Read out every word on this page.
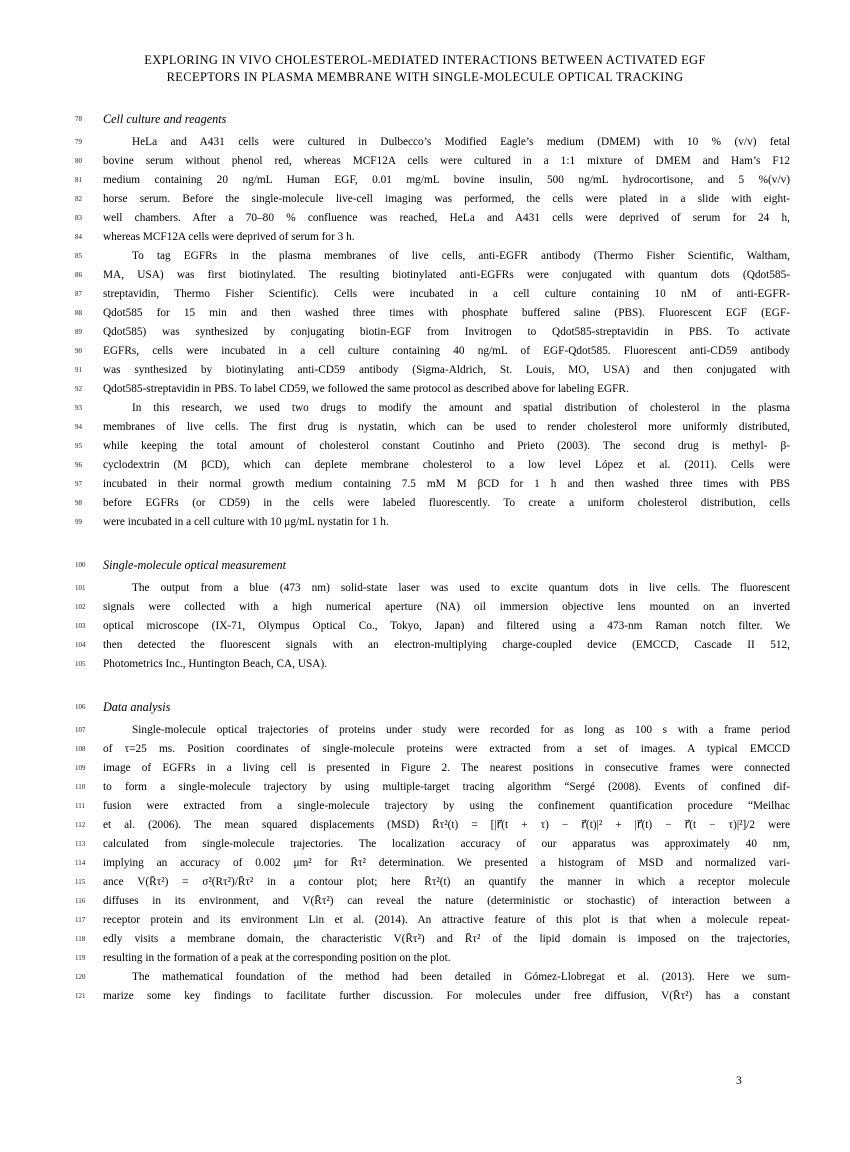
EXPLORING IN VIVO CHOLESTEROL-MEDIATED INTERACTIONS BETWEEN ACTIVATED EGF
RECEPTORS IN PLASMA MEMBRANE WITH SINGLE-MOLECULE OPTICAL TRACKING
78	Cell culture and reagents
79	HeLa and A431 cells were cultured in Dulbecco’s Modified Eagle’s medium (DMEM) with 10 % (v/v) fetal
80	bovine serum without phenol red, whereas MCF12A cells were cultured in a 1:1 mixture of DMEM and Ham’s F12
81	medium containing 20 ng/mL Human EGF, 0.01 mg/mL bovine insulin, 500 ng/mL hydrocortisone, and 5 %(v/v)
82	horse serum. Before the single-molecule live-cell imaging was performed, the cells were plated in a slide with eight-
83	well chambers. After a 70–80 % confluence was reached, HeLa and A431 cells were deprived of serum for 24 h,
84	whereas MCF12A cells were deprived of serum for 3 h.
85	To tag EGFRs in the plasma membranes of live cells, anti-EGFR antibody (Thermo Fisher Scientific, Waltham,
86	MA, USA) was first biotinylated. The resulting biotinylated anti-EGFRs were conjugated with quantum dots (Qdot585-
87	streptavidin, Thermo Fisher Scientific). Cells were incubated in a cell culture containing 10 nM of anti-EGFR-
88	Qdot585 for 15 min and then washed three times with phosphate buffered saline (PBS). Fluorescent EGF (EGF-
89	Qdot585) was synthesized by conjugating biotin-EGF from Invitrogen to Qdot585-streptavidin in PBS. To activate
90	EGFRs, cells were incubated in a cell culture containing 40 ng/mL of EGF-Qdot585. Fluorescent anti-CD59 antibody
91	was synthesized by biotinylating anti-CD59 antibody (Sigma-Aldrich, St. Louis, MO, USA) and then conjugated with
92	Qdot585-streptavidin in PBS. To label CD59, we followed the same protocol as described above for labeling EGFR.
93	In this research, we used two drugs to modify the amount and spatial distribution of cholesterol in the plasma
94	membranes of live cells. The first drug is nystatin, which can be used to render cholesterol more uniformly distributed,
95	while keeping the total amount of cholesterol constant Coutinho and Prieto (2003). The second drug is methyl- β-
96	cyclodextrin (M βCD), which can deplete membrane cholesterol to a low level López et al. (2011). Cells were
97	incubated in their normal growth medium containing 7.5 mM M βCD for 1 h and then washed three times with PBS
98	before EGFRs (or CD59) in the cells were labeled fluorescently. To create a uniform cholesterol distribution, cells
99	were incubated in a cell culture with 10 μg/mL nystatin for 1 h.
100	Single-molecule optical measurement
101	The output from a blue (473 nm) solid-state laser was used to excite quantum dots in live cells. The fluorescent
102	signals were collected with a high numerical aperture (NA) oil immersion objective lens mounted on an inverted
103	optical microscope (IX-71, Olympus Optical Co., Tokyo, Japan) and filtered using a 473-nm Raman notch filter. We
104	then detected the fluorescent signals with an electron-multiplying charge-coupled device (EMCCD, Cascade II 512,
105	Photometrics Inc., Huntington Beach, CA, USA).
106	Data analysis
107	Single-molecule optical trajectories of proteins under study were recorded for as long as 100 s with a frame period
108	of τ=25 ms. Position coordinates of single-molecule proteins were extracted from a set of images. A typical EMCCD
109	image of EGFRs in a living cell is presented in Figure 2. The nearest positions in consecutive frames were connected
110	to form a single-molecule trajectory by using multiple-target tracing algorithm “Sergé (2008). Events of confined dif-
111	fusion were extracted from a single-molecule trajectory by using the confinement quantification procedure “Meilhac
112	et al. (2006). The mean squared displacements (MSD) R̄τ²(t) = [|r⃗(t + τ) − r⃗(t)|² + |r⃗(t) − r⃗(t − τ)|²]/2 were
113	calculated from single-molecule trajectories. The localization accuracy of our apparatus was approximately 40 nm,
114	implying an accuracy of 0.002 μm² for R̄τ² determination. We presented a histogram of MSD and normalized vari-
115	ance V(R̄τ²) = σ²(Rτ²)/R̄τ² in a contour plot; here R̄τ²(t) an quantify the manner in which a receptor molecule
116	diffuses in its environment, and V(R̄τ²) can reveal the nature (deterministic or stochastic) of interaction between a
117	receptor protein and its environment Lin et al. (2014). An attractive feature of this plot is that when a molecule repeat-
118	edly visits a membrane domain, the characteristic V(R̄τ²) and R̄τ² of the lipid domain is imposed on the trajectories,
119	resulting in the formation of a peak at the corresponding position on the plot.
120	The mathematical foundation of the method had been detailed in Gómez-Llobregat et al. (2013). Here we sum-
121	marize some key findings to facilitate further discussion. For molecules under free diffusion, V(R̄τ²) has a constant
3
